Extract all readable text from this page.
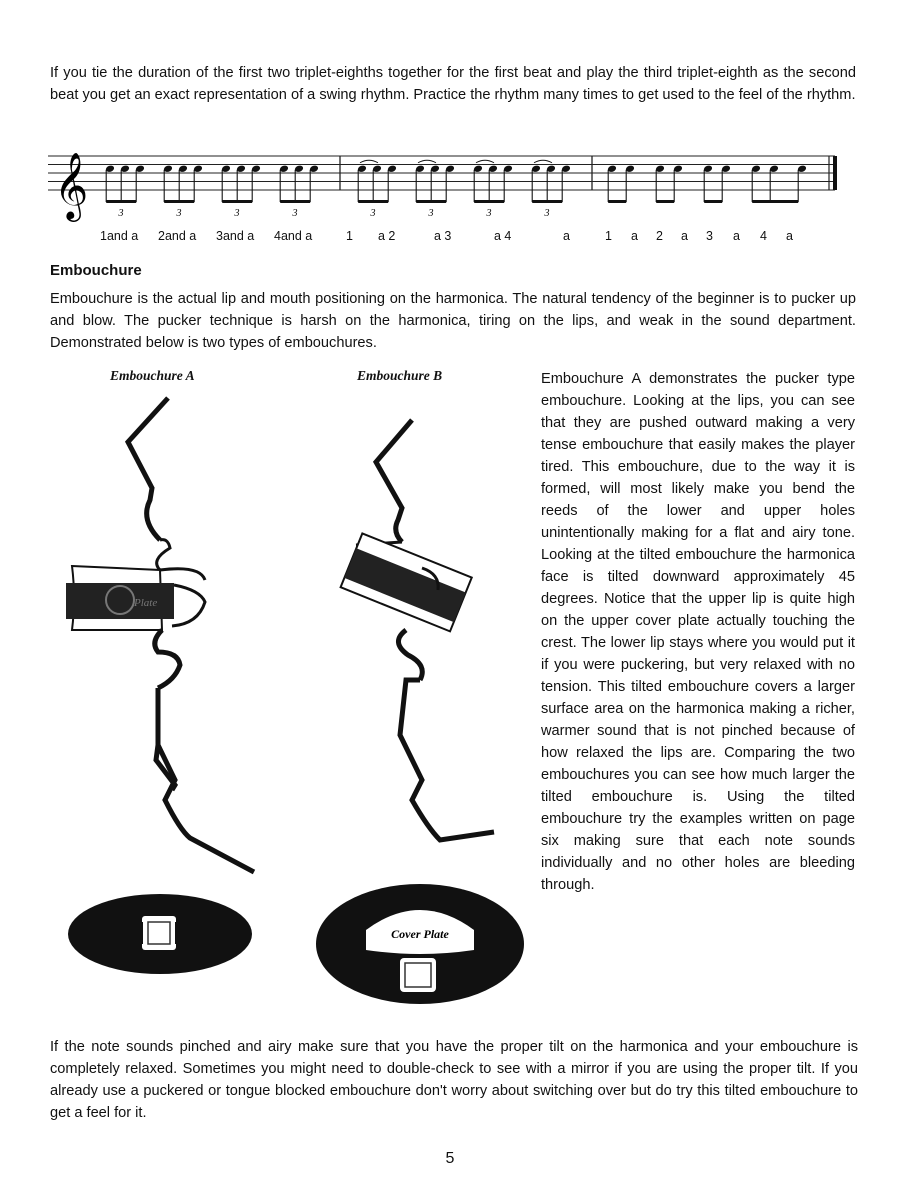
If you tie the duration of the first two triplet-eighths together for the first beat and play the third triplet-eighth as the second beat you get an exact representation of a swing rhythm. Practice the rhythm many times to get used to the feel of the rhythm.
𝄞	3	3	3	3	3	3	3	3
1and a 2and a 3and a 4and a	1 a 2	a 3	a 4	a	1 a 2 a 3 a 4 a
Embouchure
Embouchure is the actual lip and mouth positioning on the harmonica. The natural tendency of the beginner is to pucker up and blow. The pucker technique is harsh on the harmonica, tiring on the lips, and weak in the sound department. Demonstrated below is two types of embouchures.
Embouchure A	Embouchure B
Plate
Cover Plate
Embouchure A demonstrates the pucker type embouchure. Looking at the lips, you can see that they are pushed outward making a very tense embouchure that easily makes the player tired. This embouchure, due to the way it is formed, will most likely make you bend the reeds of the lower and upper holes unintentionally making for a flat and airy tone. Looking at the tilted embouchure the harmonica face is tilted downward approximately 45 degrees. Notice that the upper lip is quite high on the upper cover plate actually touching the crest. The lower lip stays where you would put it if you were puckering, but very relaxed with no tension. This tilted embouchure covers a larger surface area on the harmonica making a richer, warmer sound that is not pinched because of how relaxed the lips are. Comparing the two embouchures you can see how much larger the tilted embouchure is. Using the tilted embouchure try the examples written on page six making sure that each note sounds individually and no other holes are bleeding through.
If the note sounds pinched and airy make sure that you have the proper tilt on the harmonica and your embouchure is completely relaxed. Sometimes you might need to double-check to see with a mirror if you are using the proper tilt. If you already use a puckered or tongue blocked embouchure don't worry about switching over but do try this tilted embouchure to get a feel for it.
5
